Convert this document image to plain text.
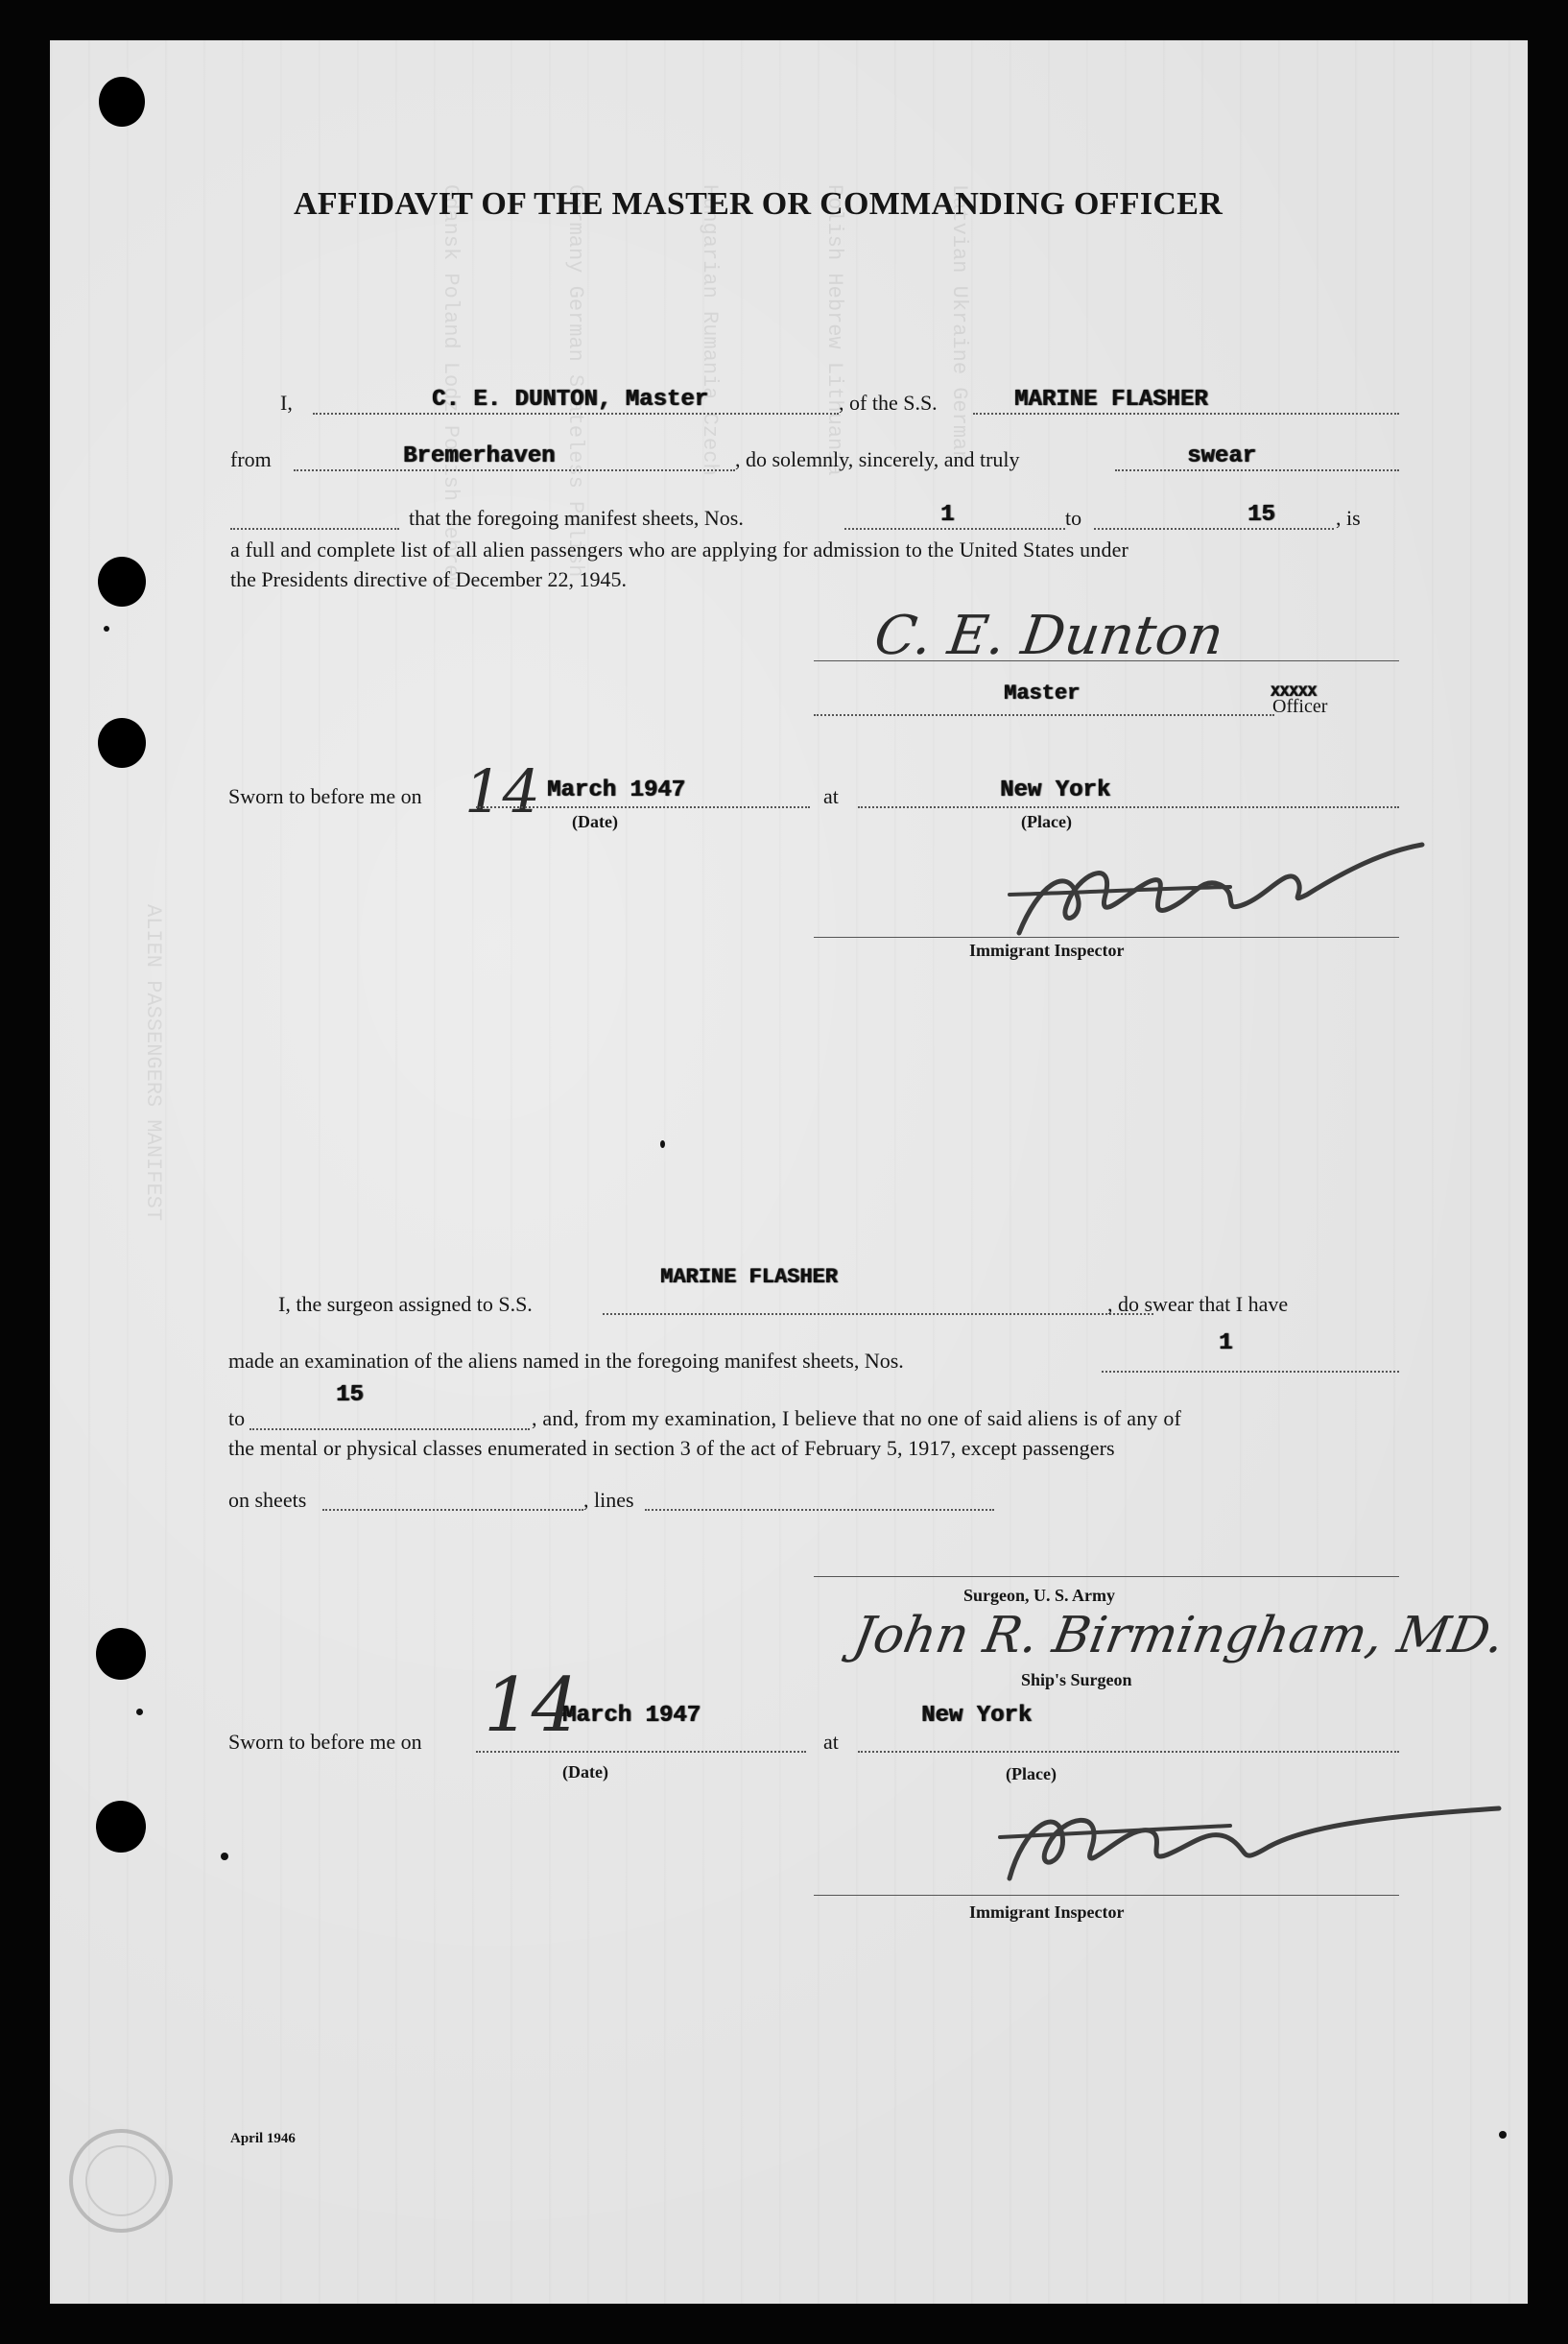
Gdansk Poland Lodz Polish Hebrew	Germany German Stateless Polish	Hungarian Rumania Czech	Polish Hebrew Lithuania	Latvian Ukraine German
ALIEN PASSENGERS MANIFEST
AFFIDAVIT OF THE MASTER OR COMMANDING OFFICER
I,	C. E. DUNTON, Master	, of the S.S.	MARINE FLASHER
from	Bremerhaven	, do solemnly, sincerely, and truly	swear
that the foregoing manifest sheets, Nos.	1	to	15	, is
a full and complete list of all alien passengers who are applying for admission to the United States under
the Presidents directive of December 22, 1945.
C. E. Dunton
Master	XXXXX
Officer
Sworn to before me on 14 March 1947
(Date)
at	New York
(Place)
Immigrant Inspector
MARINE FLASHER
I, the surgeon assigned to S.S.	, do swear that I have
made an examination of the aliens named in the foregoing manifest sheets, Nos.
1
to
15
, and, from my examination, I believe that no one of said aliens is of any of
the mental or physical classes enumerated in section 3 of the act of February 5, 1917, except passengers
on sheets	, lines
Surgeon, U. S. Army
John R. Birmingham, MD.
Ship's Surgeon
Sworn to before me on 14
March 1947
(Date)
at
New York
(Place)
Immigrant Inspector
April 1946
